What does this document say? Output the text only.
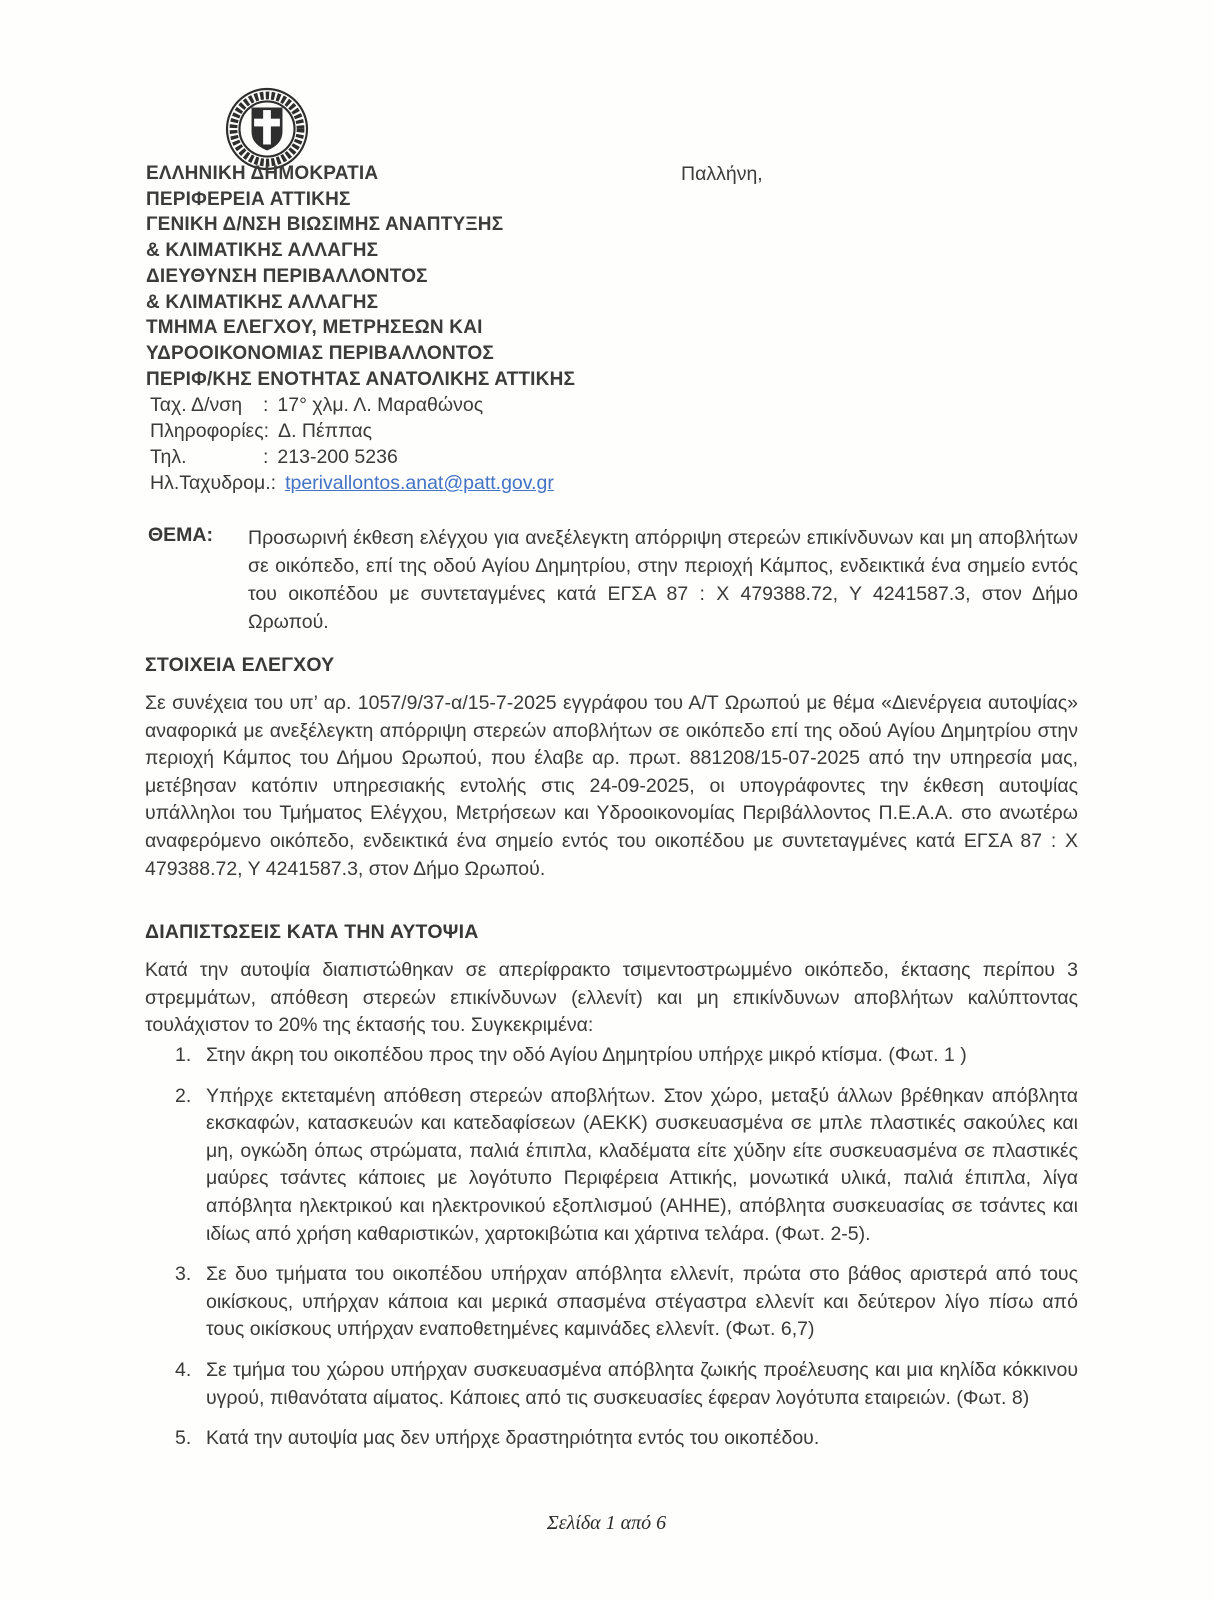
ΕΛΛΗΝΙΚΗ ΔΗΜΟΚΡΑΤΙΑ
ΠΕΡΙΦΕΡΕΙΑ ΑΤΤΙΚΗΣ
ΓΕΝΙΚΗ Δ/ΝΣΗ ΒΙΩΣΙΜΗΣ ΑΝΑΠΤΥΞΗΣ
& ΚΛΙΜΑΤΙΚΗΣ ΑΛΛΑΓΗΣ
ΔΙΕΥΘΥΝΣΗ ΠΕΡΙΒΑΛΛΟΝΤΟΣ
& ΚΛΙΜΑΤΙΚΗΣ ΑΛΛΑΓΗΣ
ΤΜΗΜΑ ΕΛΕΓΧΟΥ, ΜΕΤΡΗΣΕΩΝ ΚΑΙ
ΥΔΡΟΟΙΚΟΝΟΜΙΑΣ ΠΕΡΙΒΑΛΛΟΝΤΟΣ
ΠΕΡΙΦ/ΚΗΣ ΕΝΟΤΗΤΑΣ ΑΝΑΤΟΛΙΚΗΣ ΑΤΤΙΚΗΣ
Παλλήνη,
Ταχ. Δ/νση	: 17° χλμ. Λ. Μαραθώνος
Πληροφορίες : Δ. Πέππας
Τηλ.	: 213-200 5236
Ηλ.Ταχυδρομ. : tperivallontos.anat@patt.gov.gr
ΘΕΜΑ: Προσωρινή έκθεση ελέγχου για ανεξέλεγκτη απόρριψη στερεών επικίνδυνων και μη αποβλήτων σε οικόπεδο, επί της οδού Αγίου Δημητρίου, στην περιοχή Κάμπος, ενδεικτικά ένα σημείο εντός του οικοπέδου με συντεταγμένες κατά ΕΓΣΑ 87 : Χ 479388.72, Υ 4241587.3, στον Δήμο Ωρωπού.

ΣΤΟΙΧΕΙΑ ΕΛΕΓΧΟΥ

Σε συνέχεια του υπ’ αρ. 1057/9/37-α/15-7-2025 εγγράφου του Α/Τ Ωρωπού με θέμα «Διενέργεια αυτοψίας» αναφορικά με ανεξέλεγκτη απόρριψη στερεών αποβλήτων σε οικόπεδο επί της οδού Αγίου Δημητρίου στην περιοχή Κάμπος του Δήμου Ωρωπού, που έλαβε αρ. πρωτ. 881208/15-07-2025 από την υπηρεσία μας, μετέβησαν κατόπιν υπηρεσιακής εντολής στις 24-09-2025, οι υπογράφοντες την έκθεση αυτοψίας υπάλληλοι του Τμήματος Ελέγχου, Μετρήσεων και Υδροοικονομίας Περιβάλλοντος Π.Ε.Α.Α. στο ανωτέρω αναφερόμενο οικόπεδο, ενδεικτικά ένα σημείο εντός του οικοπέδου με συντεταγμένες κατά ΕΓΣΑ 87 : Χ 479388.72, Υ 4241587.3, στον Δήμο Ωρωπού.

ΔΙΑΠΙΣΤΩΣΕΙΣ ΚΑΤΑ ΤΗΝ ΑΥΤΟΨΙΑ

Κατά την αυτοψία διαπιστώθηκαν σε απερίφρακτο τσιμεντοστρωμμένο οικόπεδο, έκτασης περίπου 3 στρεμμάτων, απόθεση στερεών επικίνδυνων (ελλενίτ) και μη επικίνδυνων αποβλήτων καλύπτοντας τουλάχιστον το 20% της έκτασής του. Συγκεκριμένα:

1. Στην άκρη του οικοπέδου προς την οδό Αγίου Δημητρίου υπήρχε μικρό κτίσμα. (Φωτ. 1 )
2. Υπήρχε εκτεταμένη απόθεση στερεών αποβλήτων. Στον χώρο, μεταξύ άλλων βρέθηκαν απόβλητα εκσκαφών, κατασκευών και κατεδαφίσεων (ΑΕΚΚ) συσκευασμένα σε μπλε πλαστικές σακούλες και μη, ογκώδη όπως στρώματα, παλιά έπιπλα, κλαδέματα είτε χύδην είτε συσκευασμένα σε πλαστικές μαύρες τσάντες κάποιες με λογότυπο Περιφέρεια Αττικής, μονωτικά υλικά, παλιά έπιπλα, λίγα απόβλητα ηλεκτρικού και ηλεκτρονικού εξοπλισμού (ΑΗΗΕ), απόβλητα συσκευασίας σε τσάντες και ιδίως από χρήση καθαριστικών, χαρτοκιβώτια και χάρτινα τελάρα. (Φωτ. 2-5).
3. Σε δυο τμήματα του οικοπέδου υπήρχαν απόβλητα ελλενίτ, πρώτα στο βάθος αριστερά από τους οικίσκους, υπήρχαν κάποια και μερικά σπασμένα στέγαστρα ελλενίτ και δεύτερον λίγο πίσω από τους οικίσκους υπήρχαν εναποθετημένες καμινάδες ελλενίτ. (Φωτ. 6,7)
4. Σε τμήμα του χώρου υπήρχαν συσκευασμένα απόβλητα ζωικής προέλευσης και μια κηλίδα κόκκινου υγρού, πιθανότατα αίματος. Κάποιες από τις συσκευασίες έφεραν λογότυπα εταιρειών. (Φωτ. 8)
5. Κατά την αυτοψία μας δεν υπήρχε δραστηριότητα εντός του οικοπέδου.
Σελίδα 1 από 6
